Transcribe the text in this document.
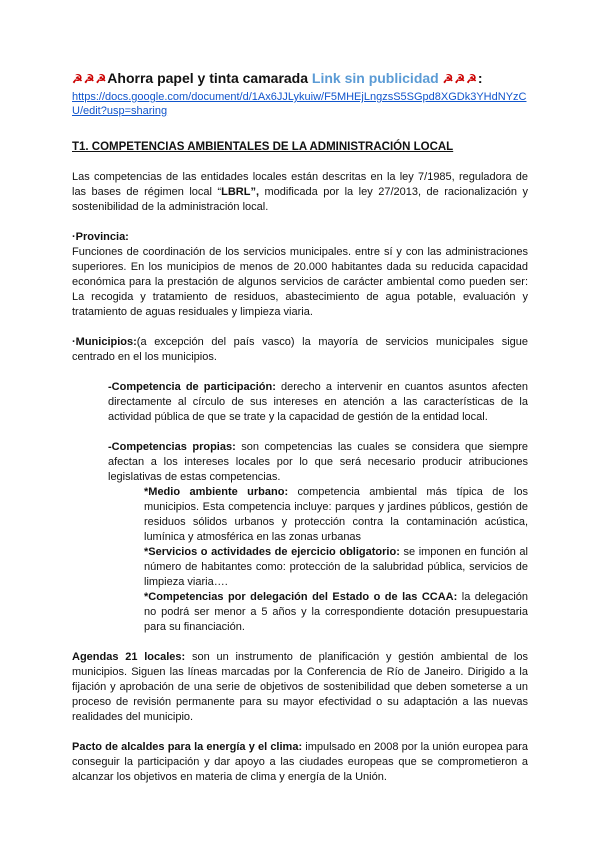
☭☭☭Ahorra papel y tinta camarada Link sin publicidad ☭☭☭:
https://docs.google.com/document/d/1Ax6JJLykuiw/F5MHEjLngzsS5SGpd8XGDk3YHdNYzCU/edit?usp=sharing
T1. COMPETENCIAS AMBIENTALES DE LA ADMINISTRACIÓN LOCAL

Las competencias de las entidades locales están descritas en la ley 7/1985, reguladora de las bases de régimen local “LBRL”, modificada por la ley 27/2013, de racionalización y sostenibilidad de la administración local.

·Provincia:
Funciones de coordinación de los servicios municipales. entre sí y con las administraciones superiores. En los municipios de menos de 20.000 habitantes dada su reducida capacidad económica para la prestación de algunos servicios de carácter ambiental como pueden ser: La recogida y tratamiento de residuos, abastecimiento de agua potable, evaluación y tratamiento de aguas residuales y limpieza viaria.

·Municipios:(a excepción del país vasco) la mayoría de servicios municipales sigue centrado en el los municipios.

-Competencia de participación: derecho a intervenir en cuantos asuntos afecten directamente al círculo de sus intereses en atención a las características de la actividad pública de que se trate y la capacidad de gestión de la entidad local.

-Competencias propias: son competencias las cuales se considera que siempre afectan a los intereses locales por lo que será necesario producir atribuciones legislativas de estas competencias.

*Medio ambiente urbano: competencia ambiental más típica de los municipios. Esta competencia incluye: parques y jardines públicos, gestión de residuos sólidos urbanos y protección contra la contaminación acústica, lumínica y atmosférica en las zonas urbanas

*Servicios o actividades de ejercicio obligatorio: se imponen en función al número de habitantes como: protección de la salubridad pública, servicios de limpieza viaria….

*Competencias por delegación del Estado o de las CCAA: la delegación no podrá ser menor a 5 años y la correspondiente dotación presupuestaria para su financiación.

Agendas 21 locales: son un instrumento de planificación y gestión ambiental de los municipios. Siguen las líneas marcadas por la Conferencia de Río de Janeiro. Dirigido a la fijación y aprobación de una serie de objetivos de sostenibilidad que deben someterse a un proceso de revisión permanente para su mayor efectividad o su adaptación a las nuevas realidades del municipio.

Pacto de alcaldes para la energía y el clima: impulsado en 2008 por la unión europea para conseguir la participación y dar apoyo a las ciudades europeas que se comprometieron a alcanzar los objetivos en materia de clima y energía de la Unión.
